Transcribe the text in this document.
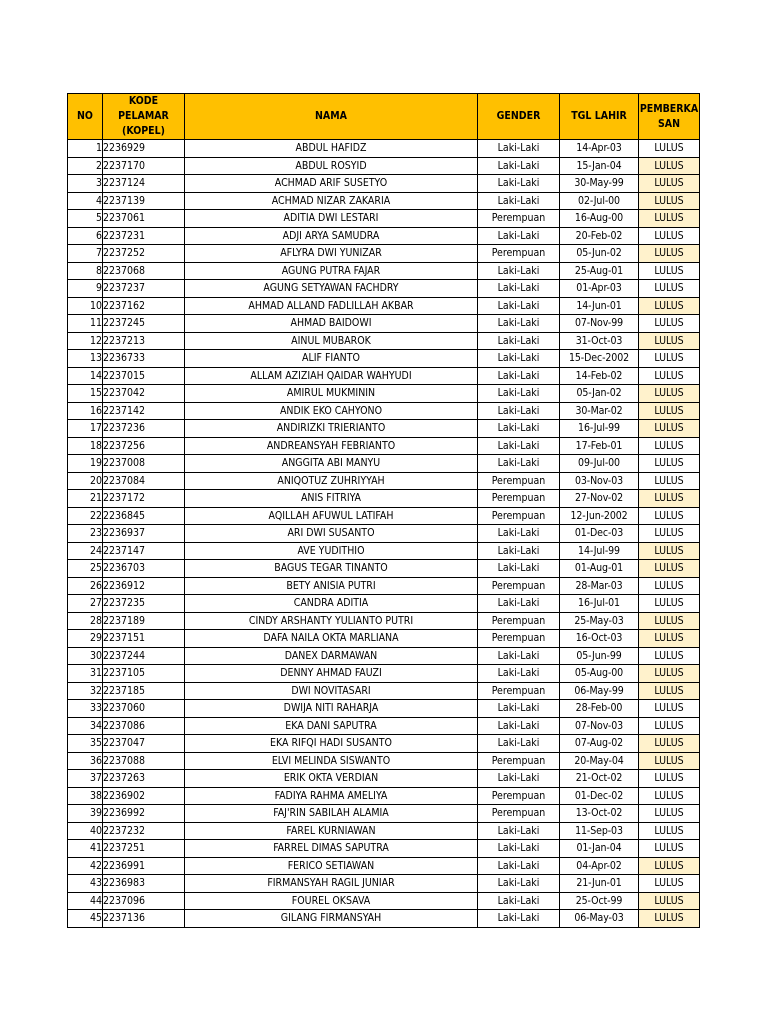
NO	KODE PELAMAR (KOPEL)	NAMA	GENDER	TGL LAHIR	PEMBERKA SAN
1	2236929	ABDUL HAFIDZ	Laki-Laki	14-Apr-03	LULUS
2	2237170	ABDUL ROSYID	Laki-Laki	15-Jan-04	LULUS
3	2237124	ACHMAD ARIF SUSETYO	Laki-Laki	30-May-99	LULUS
4	2237139	ACHMAD NIZAR ZAKARIA	Laki-Laki	02-Jul-00	LULUS
5	2237061	ADITIA DWI LESTARI	Perempuan	16-Aug-00	LULUS
6	2237231	ADJI ARYA SAMUDRA	Laki-Laki	20-Feb-02	LULUS
7	2237252	AFLYRA DWI YUNIZAR	Perempuan	05-Jun-02	LULUS
8	2237068	AGUNG PUTRA FAJAR	Laki-Laki	25-Aug-01	LULUS
9	2237237	AGUNG SETYAWAN FACHDRY	Laki-Laki	01-Apr-03	LULUS
10	2237162	AHMAD ALLAND FADLILLAH AKBAR	Laki-Laki	14-Jun-01	LULUS
11	2237245	AHMAD BAIDOWI	Laki-Laki	07-Nov-99	LULUS
12	2237213	AINUL MUBAROK	Laki-Laki	31-Oct-03	LULUS
13	2236733	ALIF FIANTO	Laki-Laki	15-Dec-2002	LULUS
14	2237015	ALLAM AZIZIAH QAIDAR WAHYUDI	Laki-Laki	14-Feb-02	LULUS
15	2237042	AMIRUL MUKMININ	Laki-Laki	05-Jan-02	LULUS
16	2237142	ANDIK EKO CAHYONO	Laki-Laki	30-Mar-02	LULUS
17	2237236	ANDIRIZKI TRIERIANTO	Laki-Laki	16-Jul-99	LULUS
18	2237256	ANDREANSYAH FEBRIANTO	Laki-Laki	17-Feb-01	LULUS
19	2237008	ANGGITA ABI MANYU	Laki-Laki	09-Jul-00	LULUS
20	2237084	ANIQOTUZ ZUHRIYYAH	Perempuan	03-Nov-03	LULUS
21	2237172	ANIS FITRIYA	Perempuan	27-Nov-02	LULUS
22	2236845	AQILLAH AFUWUL LATIFAH	Perempuan	12-Jun-2002	LULUS
23	2236937	ARI DWI SUSANTO	Laki-Laki	01-Dec-03	LULUS
24	2237147	AVE YUDITHIO	Laki-Laki	14-Jul-99	LULUS
25	2236703	BAGUS TEGAR TINANTO	Laki-Laki	01-Aug-01	LULUS
26	2236912	BETY ANISIA PUTRI	Perempuan	28-Mar-03	LULUS
27	2237235	CANDRA ADITIA	Laki-Laki	16-Jul-01	LULUS
28	2237189	CINDY ARSHANTY YULIANTO PUTRI	Perempuan	25-May-03	LULUS
29	2237151	DAFA NAILA OKTA MARLIANA	Perempuan	16-Oct-03	LULUS
30	2237244	DANEX DARMAWAN	Laki-Laki	05-Jun-99	LULUS
31	2237105	DENNY AHMAD FAUZI	Laki-Laki	05-Aug-00	LULUS
32	2237185	DWI NOVITASARI	Perempuan	06-May-99	LULUS
33	2237060	DWIJA NITI RAHARJA	Laki-Laki	28-Feb-00	LULUS
34	2237086	EKA DANI SAPUTRA	Laki-Laki	07-Nov-03	LULUS
35	2237047	EKA RIFQI HADI SUSANTO	Laki-Laki	07-Aug-02	LULUS
36	2237088	ELVI MELINDA SISWANTO	Perempuan	20-May-04	LULUS
37	2237263	ERIK OKTA VERDIAN	Laki-Laki	21-Oct-02	LULUS
38	2236902	FADIYA RAHMA AMELIYA	Perempuan	01-Dec-02	LULUS
39	2236992	FAJ'RIN SABILAH ALAMIA	Perempuan	13-Oct-02	LULUS
40	2237232	FAREL KURNIAWAN	Laki-Laki	11-Sep-03	LULUS
41	2237251	FARREL DIMAS SAPUTRA	Laki-Laki	01-Jan-04	LULUS
42	2236991	FERICO SETIAWAN	Laki-Laki	04-Apr-02	LULUS
43	2236983	FIRMANSYAH RAGIL JUNIAR	Laki-Laki	21-Jun-01	LULUS
44	2237096	FOUREL OKSAVA	Laki-Laki	25-Oct-99	LULUS
45	2237136	GILANG FIRMANSYAH	Laki-Laki	06-May-03	LULUS
